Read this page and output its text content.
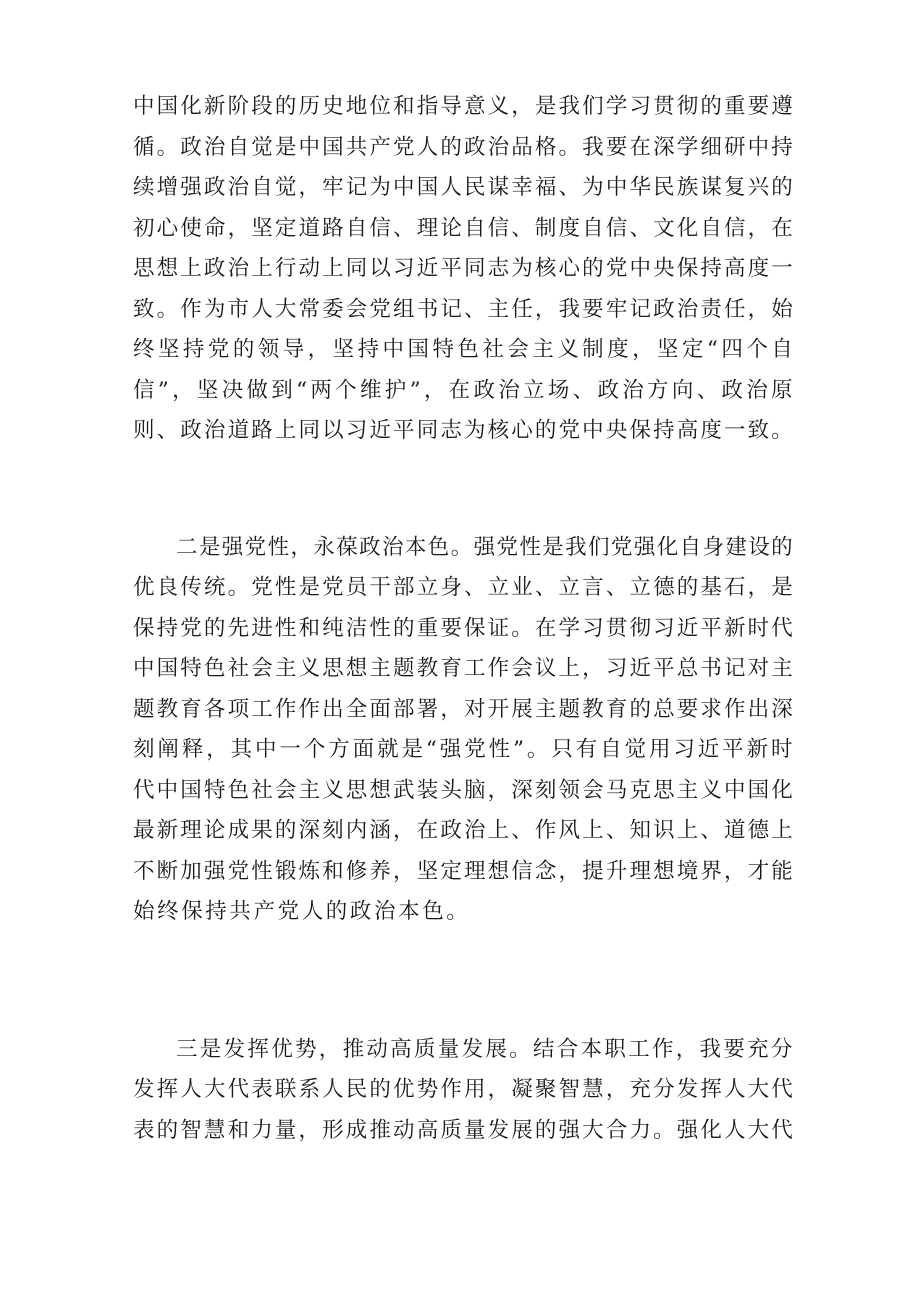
中 国 化 新 阶 段 的 历 史 地 位 和 指 导 意 义 ， 是 我 们 学 习 贯 彻 的 重 要 遵
循 。 政 治 自 觉 是 中 国 共 产 党 人 的 政 治 品 格 。 我 要 在 深 学 细 研 中 持
续 增 强 政 治 自 觉 ， 牢 记 为 中 国 人 民 谋 幸 福 、 为 中 华 民 族 谋 复 兴 的
初 心 使 命 ， 坚 定 道 路 自 信 、 理 论 自 信 、 制 度 自 信 、 文 化 自 信 ， 在
思 想 上 政 治 上 行 动 上 同 以 习 近 平 同 志 为 核 心 的 党 中 央 保 持 高 度 一
致 。 作 为 市 人 大 常 委 会 党 组 书 记 、 主 任 ， 我 要 牢 记 政 治 责 任 ， 始
终 坚 持 党 的 领 导 ， 坚 持 中 国 特 色 社 会 主 义 制 度 ， 坚 定 “ 四 个 自
信 ” ， 坚 决 做 到 “ 两 个 维 护 ” ， 在 政 治 立 场 、 政 治 方 向 、 政 治 原
则 、 政 治 道 路 上 同 以 习 近 平 同 志 为 核 心 的 党 中 央 保 持 高 度 一 致 。
二 是 强 党 性 ， 永 葆 政 治 本 色 。 强 党 性 是 我 们 党 强 化 自 身 建 设 的
优 良 传 统 。 党 性 是 党 员 干 部 立 身 、 立 业 、 立 言 、 立 德 的 基 石 ， 是
保 持 党 的 先 进 性 和 纯 洁 性 的 重 要 保 证 。 在 学 习 贯 彻 习 近 平 新 时 代
中 国 特 色 社 会 主 义 思 想 主 题 教 育 工 作 会 议 上 ， 习 近 平 总 书 记 对 主
题 教 育 各 项 工 作 作 出 全 面 部 署 ， 对 开 展 主 题 教 育 的 总 要 求 作 出 深
刻 阐 释 ， 其 中 一 个 方 面 就 是 “ 强 党 性 ” 。 只 有 自 觉 用 习 近 平 新 时
代 中 国 特 色 社 会 主 义 思 想 武 装 头 脑 ， 深 刻 领 会 马 克 思 主 义 中 国 化
最 新 理 论 成 果 的 深 刻 内 涵 ， 在 政 治 上 、 作 风 上 、 知 识 上 、 道 德 上
不 断 加 强 党 性 锻 炼 和 修 养 ， 坚 定 理 想 信 念 ， 提 升 理 想 境 界 ， 才 能
始终保持共产党人的政治本色。
三 是 发 挥 优 势 ， 推 动 高 质 量 发 展 。 结 合 本 职 工 作 ， 我 要 充 分
发 挥 人 大 代 表 联 系 人 民 的 优 势 作 用 ， 凝 聚 智 慧 ， 充 分 发 挥 人 大 代
表 的 智 慧 和 力 量 ， 形 成 推 动 高 质 量 发 展 的 强 大 合 力 。 强 化 人 大 代
